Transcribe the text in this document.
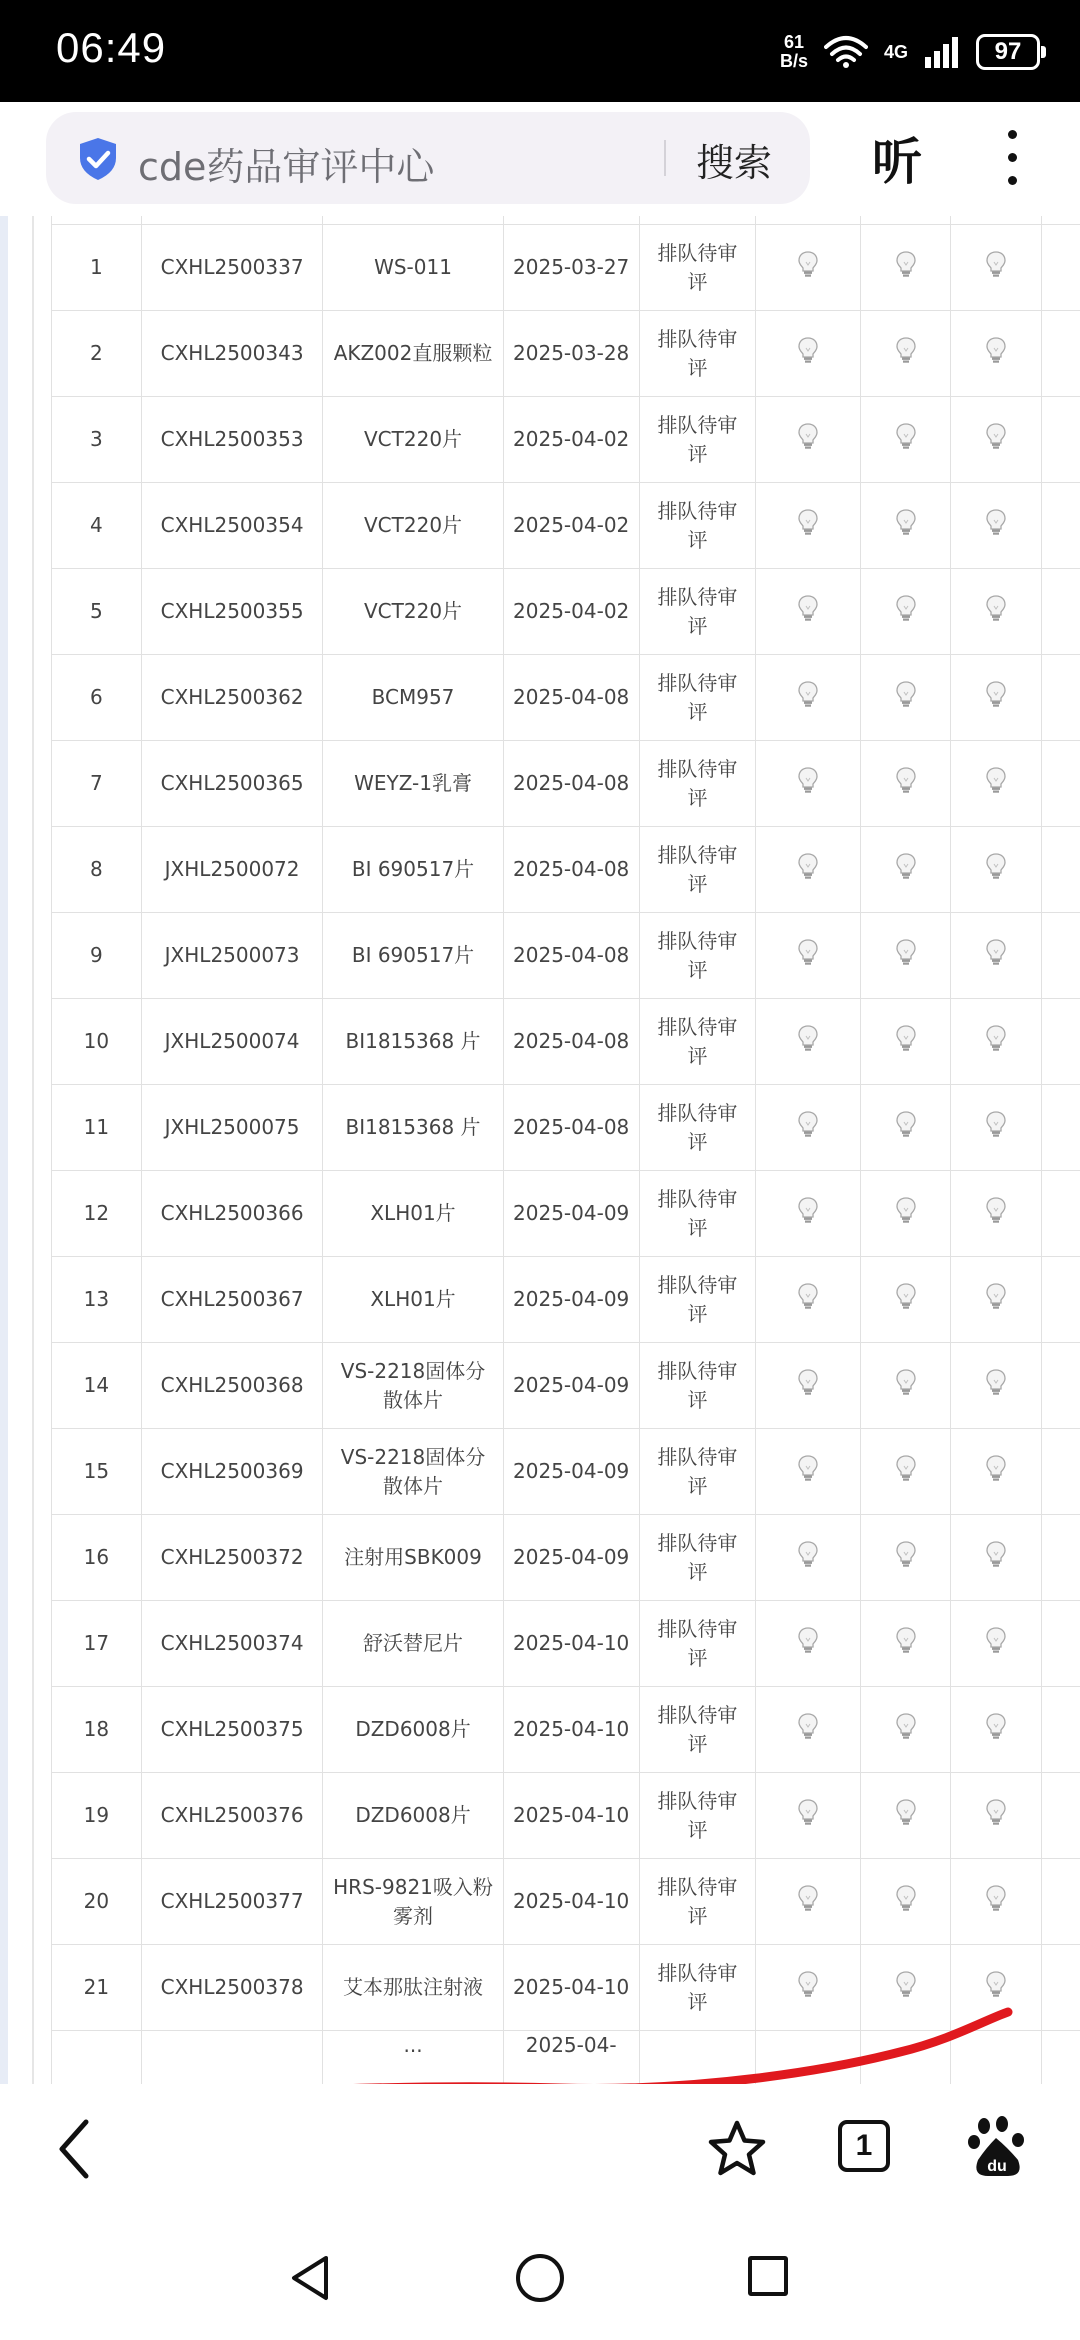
06:49	61
B/s	4G	97
cde药品审评中心	搜索 听

1	CXHL2500337	WS-011	2025-03-27	排队待审评				
2	CXHL2500343	AKZ002直服颗粒	2025-03-28	排队待审评				
3	CXHL2500353	VCT220片	2025-04-02	排队待审评				
4	CXHL2500354	VCT220片	2025-04-02	排队待审评				
5	CXHL2500355	VCT220片	2025-04-02	排队待审评				
6	CXHL2500362	BCM957	2025-04-08	排队待审评				
7	CXHL2500365	WEYZ-1乳膏	2025-04-08	排队待审评				
8	JXHL2500072	BI 690517片	2025-04-08	排队待审评				
9	JXHL2500073	BI 690517片	2025-04-08	排队待审评				
10	JXHL2500074	BI1815368 片	2025-04-08	排队待审评				
11	JXHL2500075	BI1815368 片	2025-04-08	排队待审评				
12	CXHL2500366	XLH01片	2025-04-09	排队待审评				
13	CXHL2500367	XLH01片	2025-04-09	排队待审评				
14	CXHL2500368	VS-2218固体分散体片	2025-04-09	排队待审评				
15	CXHL2500369	VS-2218固体分散体片	2025-04-09	排队待审评				
16	CXHL2500372	注射用SBK009	2025-04-09	排队待审评				
17	CXHL2500374	舒沃替尼片	2025-04-10	排队待审评				
18	CXHL2500375	DZD6008片	2025-04-10	排队待审评				
19	CXHL2500376	DZD6008片	2025-04-10	排队待审评				
20	CXHL2500377	HRS-9821吸入粉雾剂	2025-04-10	排队待审评				
21	CXHL2500378	艾本那肽注射液	2025-04-10	排队待审评				
		...	2025-04-					
1
du
